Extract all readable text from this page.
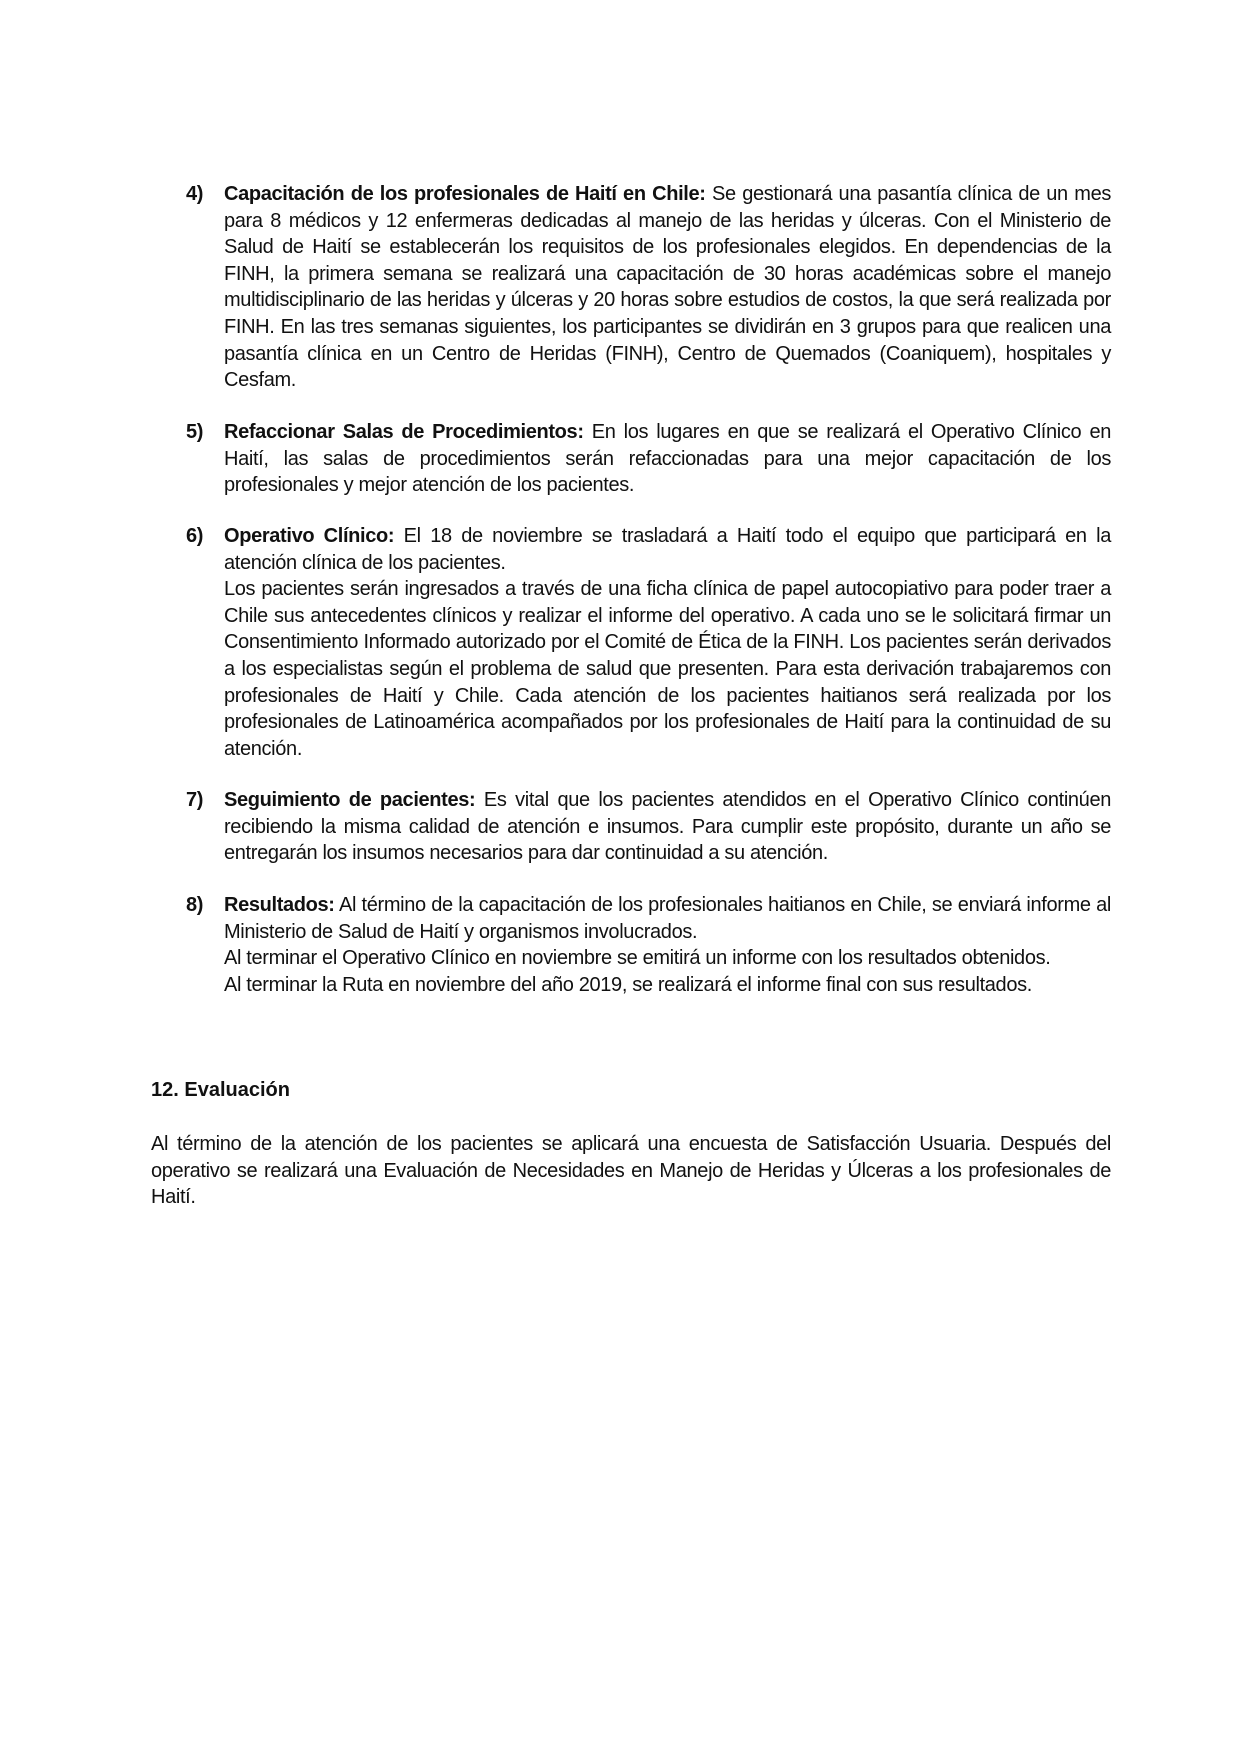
4) Capacitación de los profesionales de Haití en Chile: Se gestionará una pasantía clínica de un mes para 8 médicos y 12 enfermeras dedicadas al manejo de las heridas y úlceras. Con el Ministerio de Salud de Haití se establecerán los requisitos de los profesionales elegidos. En dependencias de la FINH, la primera semana se realizará una capacitación de 30 horas académicas sobre el manejo multidisciplinario de las heridas y úlceras y 20 horas sobre estudios de costos, la que será realizada por FINH. En las tres semanas siguientes, los participantes se dividirán en 3 grupos para que realicen una pasantía clínica en un Centro de Heridas (FINH), Centro de Quemados (Coaniquem), hospitales y Cesfam.

5) Refaccionar Salas de Procedimientos: En los lugares en que se realizará el Operativo Clínico en Haití, las salas de procedimientos serán refaccionadas para una mejor capacitación de los profesionales y mejor atención de los pacientes.

6) Operativo Clínico: El 18 de noviembre se trasladará a Haití todo el equipo que participará en la atención clínica de los pacientes.

Los pacientes serán ingresados a través de una ficha clínica de papel autocopiativo para poder traer a Chile sus antecedentes clínicos y realizar el informe del operativo. A cada uno se le solicitará firmar un Consentimiento Informado autorizado por el Comité de Ética de la FINH. Los pacientes serán derivados a los especialistas según el problema de salud que presenten. Para esta derivación trabajaremos con profesionales de Haití y Chile. Cada atención de los pacientes haitianos será realizada por los profesionales de Latinoamérica acompañados por los profesionales de Haití para la continuidad de su atención.

7) Seguimiento de pacientes: Es vital que los pacientes atendidos en el Operativo Clínico continúen recibiendo la misma calidad de atención e insumos. Para cumplir este propósito, durante un año se entregarán los insumos necesarios para dar continuidad a su atención.

8) Resultados: Al término de la capacitación de los profesionales haitianos en Chile, se enviará informe al Ministerio de Salud de Haití y organismos involucrados.

Al terminar el Operativo Clínico en noviembre se emitirá un informe con los resultados obtenidos.

Al terminar la Ruta en noviembre del año 2019, se realizará el informe final con sus resultados.

12. Evaluación

Al término de la atención de los pacientes se aplicará una encuesta de Satisfacción Usuaria. Después del operativo se realizará una Evaluación de Necesidades en Manejo de Heridas y Úlceras a los profesionales de Haití.
